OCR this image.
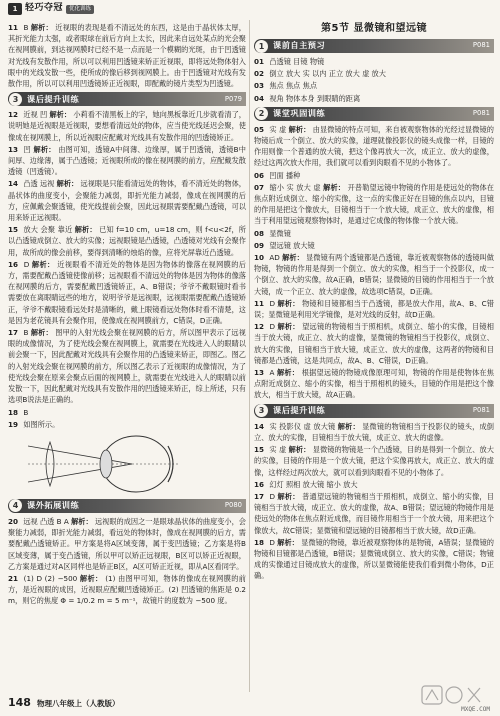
1 轻巧夺冠	优化训练

11 B 解析： 近视眼的表现是看不清远处的东西，这是由于晶状体太厚，其折光能力太强，或者眼球在前后方向上太长，因此来自远处某点的光会聚在视网膜前，到达视网膜时已经不是一点而是一个模糊的光斑，由于凹透镜对光线有发散作用，所以可以利用凹透镜来矫正近视眼，即将远处物体射入眼中的光线发散一些，使所成的像后移到视网膜上。由于凹透镜对光线有发散作用，所以可以利用凹透镜矫正近视眼，即配戴的镜片类型为凹透镜。

3	课后提升训练	P079

12 近视 凹 解析： 小莉看不清黑板上的字，她向黑板靠近几步就看清了，说明她是近视眼是近视眼，要想看清远处的物体，应当使光线延迟会聚，使像成在视网膜上，所以近视眼应配戴对光线具有发散作用的凹透镜矫正。

13 凹 解析： 由图可知，透镜A中间薄、边缘厚，属于凹透镜，透镜B中间厚、边缘薄，属于凸透镜；近视眼所成的像在视网膜的前方，应配戴发散透镜（凹透镜）。

14 凸透 远视 解析： 远视眼是只能看清远处的物体，看不清近处的物体，晶状体的曲度变小，会聚能力减弱，即折光能力减弱，像成在视网膜的后方，应佩戴会聚透镜，使光线提前会聚，因此远视眼需要配戴凸透镜，可以用来矫正远视眼。

15 放大 会聚 靠近 解析： 已知 f=10 cm，u=18 cm，则 f<u<2f，所以凸透镜成倒立、放大的实像；远视眼镜是凸透镜，凸透镜对光线有会聚作用，故所成的像会前移，要得到清晰的烛焰的像，应将光屏靠近凸透镜。

16 D 解析： 近视眼看不清近处的物体是因为物体的像落在视网膜的后方，需要配戴凸透镜使像前移；远视眼看不清远处的物体是因为物体的像落在视网膜的后方，需要配戴凹透镜矫正，A、B错误；爷爷不戴眼镜时看书需要放在离眼睛远些的地方，说明爷爷是远视眼，远视眼需要配戴凸透镜矫正，爷爷不戴眼镜看远处时是清晰的，戴上眼镜看远处物体时看不清楚，这是因为老花镜具有会聚作用，使像成在视网膜前方，C错误，D正确。

17 B 解析： 图甲的入射光线会聚在视网膜的后方，所以图甲表示了远视眼的成像情况，为了使光线会聚在视网膜上，就需要在光线进入人的眼睛以前会聚一下，因此配戴对光线具有会聚作用的凸透镜来矫正，即图乙。图乙的入射光线会聚在视网膜的前方，所以图乙表示了近视眼的成像情况，为了使光线会聚在原来会聚点后面的视网膜上，就需要在光线进入人的眼睛以前发散一下，因此配戴对光线具有发散作用的凹透镜来矫正，综上所述，只有选项B说法是正确的。

18 B

19 如图所示。

4	课外拓展训练	P080

20 远视 凸透 B A 解析： 远视眼的成因之一是眼球晶状体的曲度变小，会聚能力减弱，即折光能力减弱，看远处的物体时，像成在视网膜的后方，需要配戴凸透镜矫正。甲方案是将A区域变薄，属于变凹透镜；乙方案是将B区域变薄，属于变凸透镜，所以甲可以矫正远视眼，B区可以矫正近视眼，乙方案是通过对A区同样也是矫正B区，A区可矫正近视，即从A区看同学。

21 (1) D (2) −500 解析： (1) 由图甲可知，物体的像成在视网膜的前方，是近视眼的成因，近视眼应配戴凹透镜矫正。(2) 凹透镜的焦距是 0.2 m，则它的焦度 Φ = 1/0.2 m = 5 m⁻¹，故镜片的度数为 −500 度。

第5节 显微镜和望远镜
1	课前自主预习	P081

01 凸透镜 目镜 物镜

02 倒立 放大 实 以内 正立 放大 虚 放大

03 焦点 焦点 焦点

04 视角 物体本身 到眼睛的距离

2	课堂巩固训练	P081

05 实 虚 解析： 由显微镜的特点可知，来自被观察物体的光经过显微镜的物镜后成一个倒立、放大的实像，道理就像投影仪的镜头成像一样，目镜的作用则像一个普通的放大镜，把这个像再放大一次，成正立、放大的虚像，经过这两次放大作用，我们就可以看到肉眼看不见的小物体了。

06 凹面 播种

07 缩小 实 放大 虚 解析： 开普勒望远镜中物镜的作用是使远处的物体在焦点附近成倒立、缩小的实像，这一点的实像正好在目镜的焦点以内，目镜的作用是把这个像放大，目镜相当于一个放大镜，成正立、放大的虚像，相当于利用望远镜观察物体时，是通过它成像的物体像一个放大镜。

08 显微镜

09 望远镜 放大镜

10 AD 解析： 显微镜有两个透镜都是凸透镜，靠近被观察物体的透镜叫做物镜，物镜的作用是得到一个倒立、放大的实像，相当于一个投影仪，成一个倒立、放大的实像，故A正确，B错误；显微镜的目镜的作用相当于一个放大镜，成一个正立、放大的虚像，故选项C错误，D正确。

11 D 解析： 物镜和目镜都相当于凸透镜，都是放大作用，故A、B、C错误；显微镜是利用光学镜像，是对光线的反射，故D正确。

12 D 解析： 望远镜的物镜相当于照相机，成倒立、缩小的实像，目镜相当于放大镜，成正立、放大的虚像，显微镜的物镜相当于投影仪，成倒立、放大的实像，目镜相当于放大镜，成正立、放大的虚像，这两者的物镜和目镜都是凸透镜，这是共同点，故A、B、C错误，D正确。

13 A 解析： 根据望远镜的物镜成像原理可知，物镜的作用是使物体在焦点附近成倒立、缩小的实像，相当于照相机的镜头，目镜的作用是把这个像放大，相当于放大镜，故A正确。

3	课后提升训练	P081

14 实 投影仪 虚 放大镜 解析： 显微镜的物镜相当于投影仪的镜头，成倒立、放大的实像，目镜相当于放大镜，成正立、放大的虚像。

15 实 虚 解析： 显微镜的物镜是一个凸透镜，目的是得到一个倒立、放大的实像，目镜的作用是一个放大镜，把这个实像再放大，成正立、放大的虚像，这样经过两次放大，就可以看到肉眼看不见的小物体了。

16 幻灯 照相 放大镜 缩小 放大

17 D 解析： 普通望远镜的物镜相当于照相机，成倒立、缩小的实像，目镜相当于放大镜，成正立、放大的虚像，故A、B错误；望远镜的物镜作用是使远处的物体在焦点附近成像，而目镜作用相当于一个放大镜，用来把这个像放大，故C错误；显微镜和望远镜的目镜都相当于放大镜，故D正确。

18 D 解析： 显微镜的物镜，靠近被观察物体的是物镜，A错误；显微镜的物镜和目镜都是凸透镜，B错误；显微镜成倒立、放大的实像，C错误；物镜成的实像通过目镜成放大的虚像，所以显微镜能使我们看到微小物体，D正确。

148 物理八年级上（人教版）
MXQE.COM
